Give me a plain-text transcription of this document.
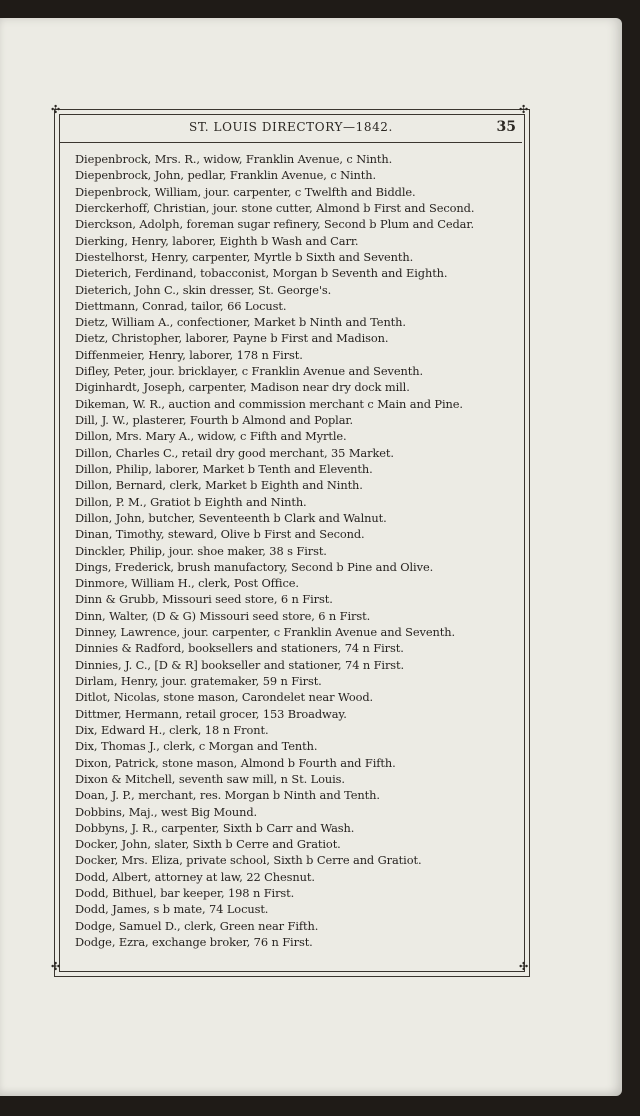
✣	✣
✣	✣
ST. LOUIS DIRECTORY—1842.	35
Diepenbrock, Mrs. R., widow, Franklin Avenue, c Ninth.
Diepenbrock, John, pedlar, Franklin Avenue, c Ninth.
Diepenbrock, William, jour. carpenter, c Twelfth and Biddle.
Dierckerhoff, Christian, jour. stone cutter, Almond b First and Second.
Dierckson, Adolph, foreman sugar refinery, Second b Plum and Cedar.
Dierking, Henry, laborer, Eighth b Wash and Carr.
Diestelhorst, Henry, carpenter, Myrtle b Sixth and Seventh.
Dieterich, Ferdinand, tobacconist, Morgan b Seventh and Eighth.
Dieterich, John C., skin dresser, St. George's.
Diettmann, Conrad, tailor, 66 Locust.
Dietz, William A., confectioner, Market b Ninth and Tenth.
Dietz, Christopher, laborer, Payne b First and Madison.
Diffenmeier, Henry, laborer, 178 n First.
Difley, Peter, jour. bricklayer, c Franklin Avenue and Seventh.
Diginhardt, Joseph, carpenter, Madison near dry dock mill.
Dikeman, W. R., auction and commission merchant c Main and Pine.
Dill, J. W., plasterer, Fourth b Almond and Poplar.
Dillon, Mrs. Mary A., widow, c Fifth and Myrtle.
Dillon, Charles C., retail dry good merchant, 35 Market.
Dillon, Philip, laborer, Market b Tenth and Eleventh.
Dillon, Bernard, clerk, Market b Eighth and Ninth.
Dillon, P. M., Gratiot b Eighth and Ninth.
Dillon, John, butcher, Seventeenth b Clark and Walnut.
Dinan, Timothy, steward, Olive b First and Second.
Dinckler, Philip, jour. shoe maker, 38 s First.
Dings, Frederick, brush manufactory, Second b Pine and Olive.
Dinmore, William H., clerk, Post Office.
Dinn & Grubb, Missouri seed store, 6 n First.
Dinn, Walter, (D & G) Missouri seed store, 6 n First.
Dinney, Lawrence, jour. carpenter, c Franklin Avenue and Seventh.
Dinnies & Radford, booksellers and stationers, 74 n First.
Dinnies, J. C., [D & R] bookseller and stationer, 74 n First.
Dirlam, Henry, jour. gratemaker, 59 n First.
Ditlot, Nicolas, stone mason, Carondelet near Wood.
Dittmer, Hermann, retail grocer, 153 Broadway.
Dix, Edward H., clerk, 18 n Front.
Dix, Thomas J., clerk, c Morgan and Tenth.
Dixon, Patrick, stone mason, Almond b Fourth and Fifth.
Dixon & Mitchell, seventh saw mill, n St. Louis.
Doan, J. P., merchant, res. Morgan b Ninth and Tenth.
Dobbins, Maj., west Big Mound.
Dobbyns, J. R., carpenter, Sixth b Carr and Wash.
Docker, John, slater, Sixth b Cerre and Gratiot.
Docker, Mrs. Eliza, private school, Sixth b Cerre and Gratiot.
Dodd, Albert, attorney at law, 22 Chesnut.
Dodd, Bithuel, bar keeper, 198 n First.
Dodd, James, s b mate, 74 Locust.
Dodge, Samuel D., clerk, Green near Fifth.
Dodge, Ezra, exchange broker, 76 n First.
